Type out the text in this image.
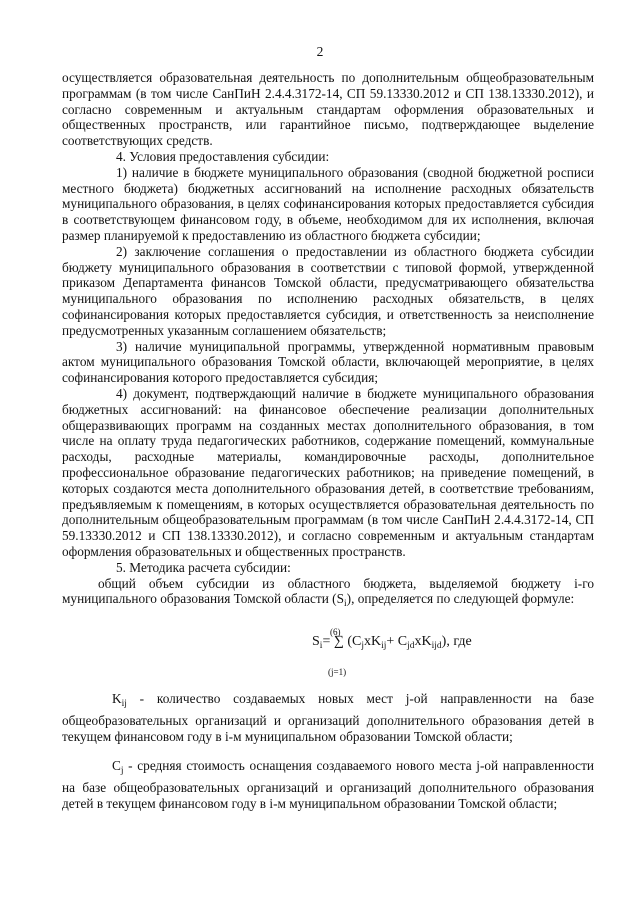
2

осуществляется образовательная деятельность по дополнительным общеобразовательным программам (в том числе СанПиН 2.4.4.3172-14, СП 59.13330.2012 и СП 138.13330.2012), и согласно современным и актуальным стандартам оформления образовательных и общественных пространств, или гарантийное письмо, подтверждающее выделение соответствующих средств.

4. Условия предоставления субсидии:

1) наличие в бюджете муниципального образования (сводной бюджетной росписи местного бюджета) бюджетных ассигнований на исполнение расходных обязательств муниципального образования, в целях софинансирования которых предоставляется субсидия в соответствующем финансовом году, в объеме, необходимом для их исполнения, включая размер планируемой к предоставлению из областного бюджета субсидии;

2) заключение соглашения о предоставлении из областного бюджета субсидии бюджету муниципального образования в соответствии с типовой формой, утвержденной приказом Департамента финансов Томской области, предусматривающего обязательства муниципального образования по исполнению расходных обязательств, в целях софинансирования которых предоставляется субсидия, и ответственность за неисполнение предусмотренных указанным соглашением обязательств;

3) наличие муниципальной программы, утвержденной нормативным правовым актом муниципального образования Томской области, включающей мероприятие, в целях софинансирования которого предоставляется субсидия;

4) документ, подтверждающий наличие в бюджете муниципального образования бюджетных ассигнований: на финансовое обеспечение реализации дополнительных общеразвивающих программ на созданных местах дополнительного образования, в том числе на оплату труда педагогических работников, содержание помещений, коммунальные расходы, расходные материалы, командировочные расходы, дополнительное профессиональное образование педагогических работников; на приведение помещений, в которых создаются места дополнительного образования детей, в соответствие требованиям, предъявляемым к помещениям, в которых осуществляется образовательная деятельность по дополнительным общеобразовательным программам (в том числе СанПиН 2.4.4.3172-14, СП 59.13330.2012 и СП 138.13330.2012), и согласно современным и актуальным стандартам оформления образовательных и общественных пространств.

5. Методика расчета субсидии:

общий объем субсидии из областного бюджета, выделяемой бюджету i-го муниципального образования Томской области $(S_i)$, определяется по следующей формуле:

(6)
$S_i=$ ∑ $(C_jxK_{ij}+ C_{jd}xK_{ijd})$, где
(j=1)

$K_{ij}$ - количество создаваемых новых мест j-ой направленности на базе общеобразовательных организаций и организаций дополнительного образования детей в текущем финансовом году в i-м муниципальном образовании Томской области;

$C_j$ - средняя стоимость оснащения создаваемого нового места j-ой направленности на базе общеобразовательных организаций и организаций дополнительного образования детей в текущем финансовом году в i-м муниципальном образовании Томской области;
